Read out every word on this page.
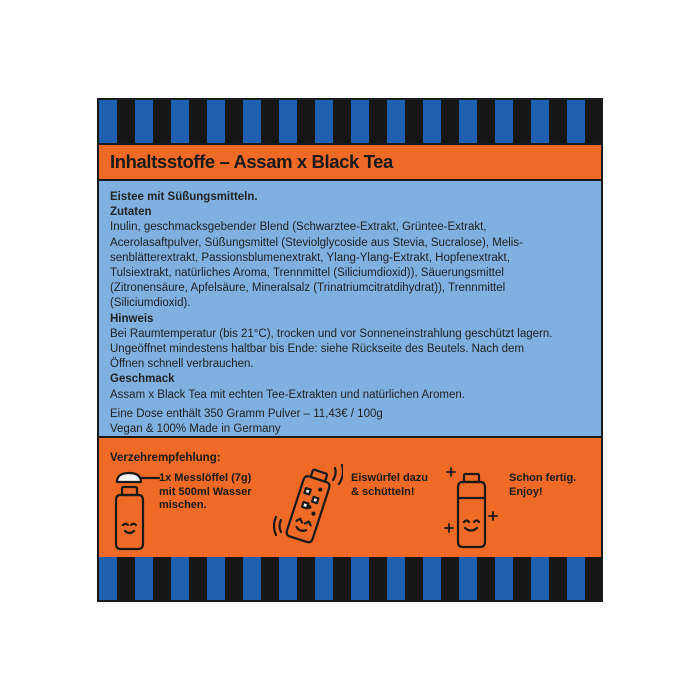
Inhaltsstoffe – Assam x Black Tea

Eistee mit Süßungsmitteln.

Zutaten

Inulin, geschmacksgebender Blend (Schwarztee-Extrakt, Grüntee-Extrakt,

Acerolasaftpulver, Süßungsmittel (Steviolglycoside aus Stevia, Sucralose), Melis-

senblätterextrakt, Passionsblumenextrakt, Ylang-Ylang-Extrakt, Hopfenextrakt,

Tulsiextrakt, natürliches Aroma, Trennmittel (Siliciumdioxid)), Säuerungsmittel

(Zitronensäure, Apfelsäure, Mineralsalz (Trinatriumcitratdihydrat)), Trennmittel

(Siliciumdioxid).

Hinweis

Bei Raumtemperatur (bis 21°C), trocken und vor Sonneneinstrahlung geschützt lagern.

Ungeöffnet mindestens haltbar bis Ende: siehe Rückseite des Beutels. Nach dem

Öffnen schnell verbrauchen.

Geschmack

Assam x Black Tea mit echten Tee-Extrakten und natürlichen Aromen.

Eine Dose enthält 350 Gramm Pulver – 11,43€ / 100g

Vegan & 100% Made in Germany

Verzehrempfehlung:
1x Messlöffel (7g)
mit 500ml Wasser
mischen.
Eiswürfel dazu
& schütteln!
Schon fertig.
Enjoy!
